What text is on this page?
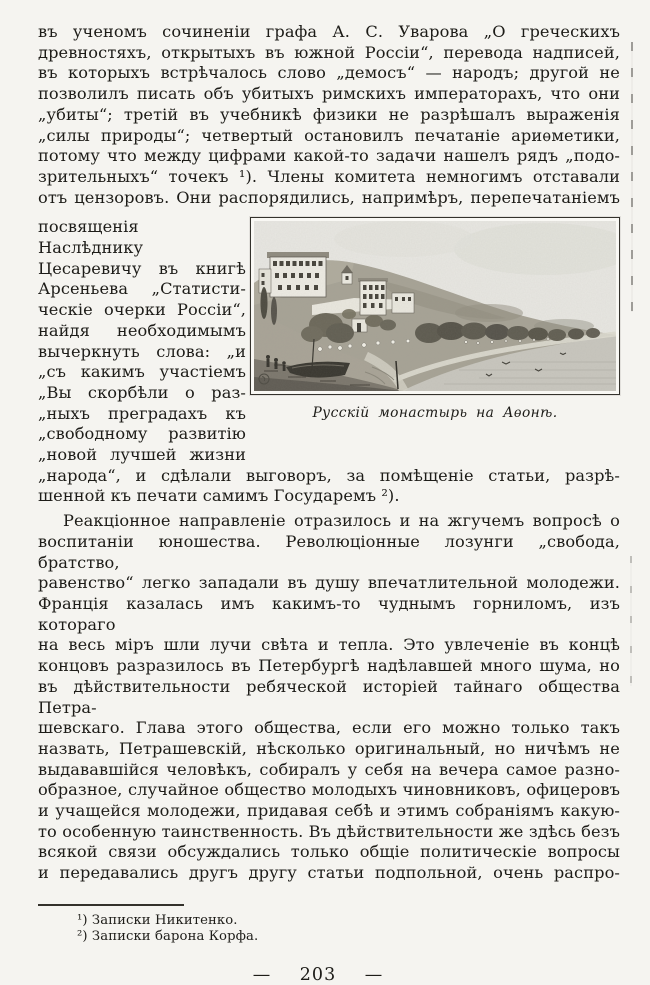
въ ученомъ сочиненіи графа А. С. Уварова „О греческихъ
древностяхъ, открытыхъ въ южной Россіи“, перевода надписей,
въ которыхъ встрѣчалось слово „демосъ“ — народъ; другой не
позволилъ писать объ убитыхъ римскихъ императорахъ, что они
„убиты“; третій въ учебникѣ физики не разрѣшалъ выраженія
„силы природы“; четвертый остановилъ печатаніе ариѳметики,
потому что между цифрами какой-то задачи нашелъ рядъ „подо-
зрительныхъ“ точекъ ¹). Члены комитета немногимъ отставали
отъ цензоровъ. Они распорядились, напримѣръ, перепечатаніемъ
посвященія Наслѣднику
Цесаревичу въ книгѣ
Арсеньева „Статисти-
ческіе очерки Россіи“,
найдя необходимымъ
вычеркнуть слова: „и
„съ какимъ участіемъ
„Вы скорбѣли о раз-
„ныхъ преградахъ къ
„свободному развитію
„новой лучшей жизни
Русскій монастырь на Аѳонѣ.
„народа“, и сдѣлали выговоръ, за помѣщеніе статьи, разрѣ-
шенной къ печати самимъ Государемъ ²).
Реакціонное направленіе отразилось и на жгучемъ вопросѣ о
воспитаніи юношества. Революціонные лозунги „свобода, братство,
равенство“ легко западали въ душу впечатлительной молодежи.
Франція казалась имъ какимъ-то чуднымъ горниломъ, изъ котораго
на весь міръ шли лучи свѣта и тепла. Это увлеченіе въ концѣ
концовъ разразилось въ Петербургѣ надѣлавшей много шума, но
въ дѣйствительности ребяческой исторіей тайнаго общества Петра-
шевскаго. Глава этого общества, если его можно только такъ
назвать, Петрашевскій, нѣсколько оригинальный, но ничѣмъ не
выдававшійся человѣкъ, собиралъ у себя на вечера самое разно-
образное, случайное общество молодыхъ чиновниковъ, офицеровъ
и учащейся молодежи, придавая себѣ и этимъ собраніямъ какую-
то особенную таинственность. Въ дѣйствительности же здѣсь безъ
всякой связи обсуждались только общіе политическіе вопросы
и передавались другъ другу статьи подпольной, очень распро-
¹) Записки Никитенко.
²) Записки барона Корфа.
— 203 —
